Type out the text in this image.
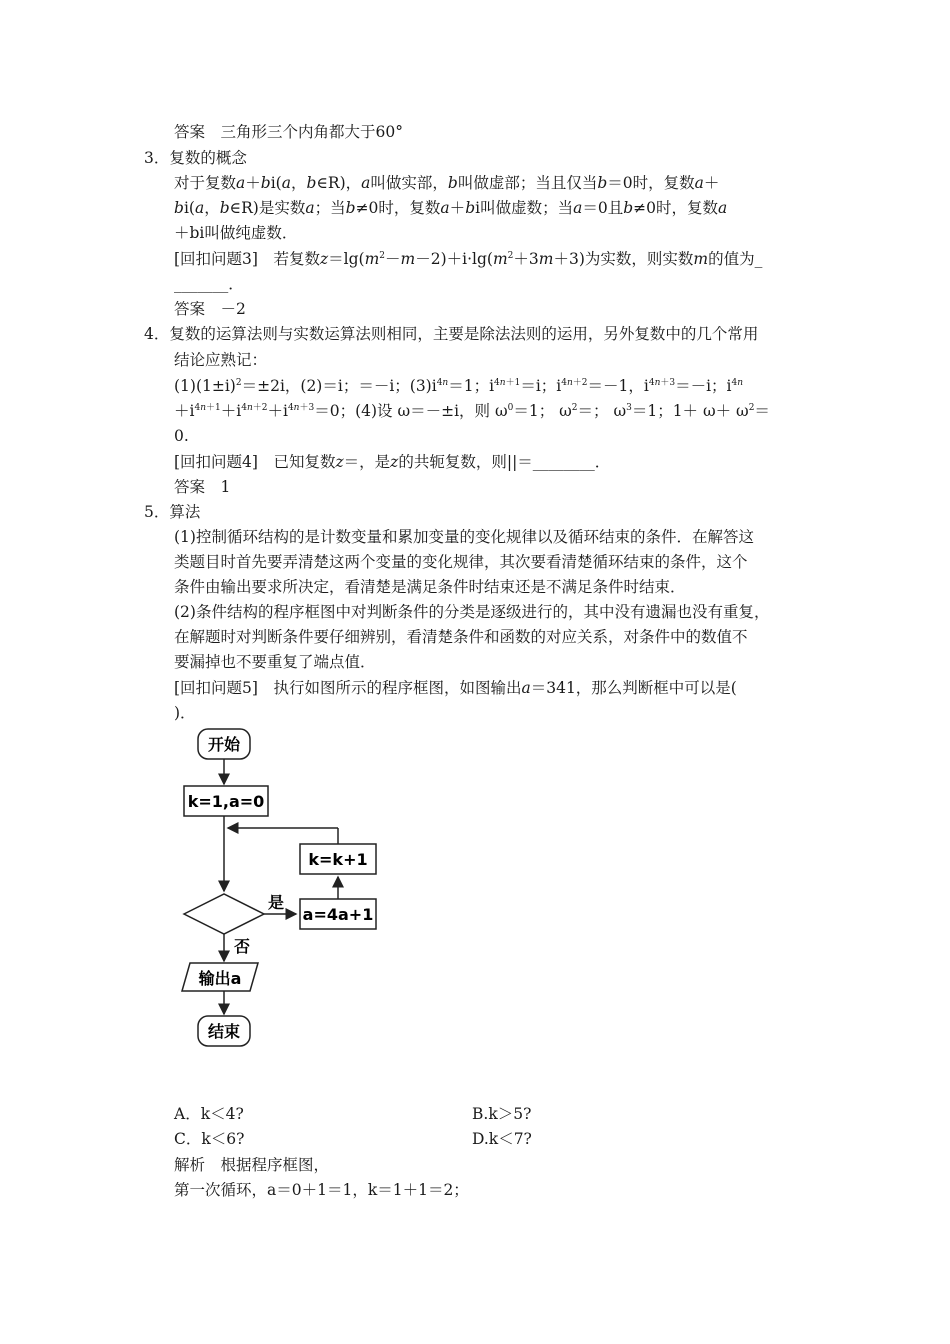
答案　三角形三个内角都大于60°
3．复数的概念
对于复数a＋bi(a，b∈R)，a叫做实部，b叫做虚部；当且仅当b＝0时，复数a＋
bi(a，b∈R)是实数a；当b≠0时，复数a＋bi叫做虚数；当a＝0且b≠0时，复数a
＋bi叫做纯虚数．
[回扣问题3]　若复数$z=\lg(m^2-m-2)+i\cdot\lg(m^2+3m+3)$为实数，则实数m的值为_
_______．
答案　－2
4．复数的运算法则与实数运算法则相同，主要是除法法则的运用，另外复数中的几个常用
结论应熟记：
$(1)(1\pm i)^2=\pm 2i$，(2)＝i；＝－i；$(3)i^{4n}=1$；$i^{4n+1}=i$；$i^{4n+2}=-1$，$i^{4n+3}=-i$；$i^{4n}$
$+i^{4n+1}+i^{4n+2}+i^{4n+3}=0$；(4)设 ω＝－±i，则 $\omega^0=1$； $\omega^2=$； $\omega^3=1$；$1+ \omega+ \omega^2=$
0.
[回扣问题4]　已知复数z＝，是z的共轭复数，则||＝________．
答案　1
5．算法
(1)控制循环结构的是计数变量和累加变量的变化规律以及循环结束的条件．在解答这
类题目时首先要弄清楚这两个变量的变化规律，其次要看清楚循环结束的条件，这个
条件由输出要求所决定，看清楚是满足条件时结束还是不满足条件时结束．
(2)条件结构的程序框图中对判断条件的分类是逐级进行的，其中没有遗漏也没有重复，
在解题时对判断条件要仔细辨别，看清楚条件和函数的对应关系，对条件中的数值不
要漏掉也不要重复了端点值．
[回扣问题5]　执行如图所示的程序框图，如图输出a＝341，那么判断框中可以是(
)．
开始
k=1,a=0
k=k+1
a=4a+1
是
否
输出a
结束
A．k＜4?	B.k＞5?
C．k＜6?	D.k＜7?
解析　根据程序框图，
第一次循环，a＝0＋1＝1，k＝1＋1＝2；
